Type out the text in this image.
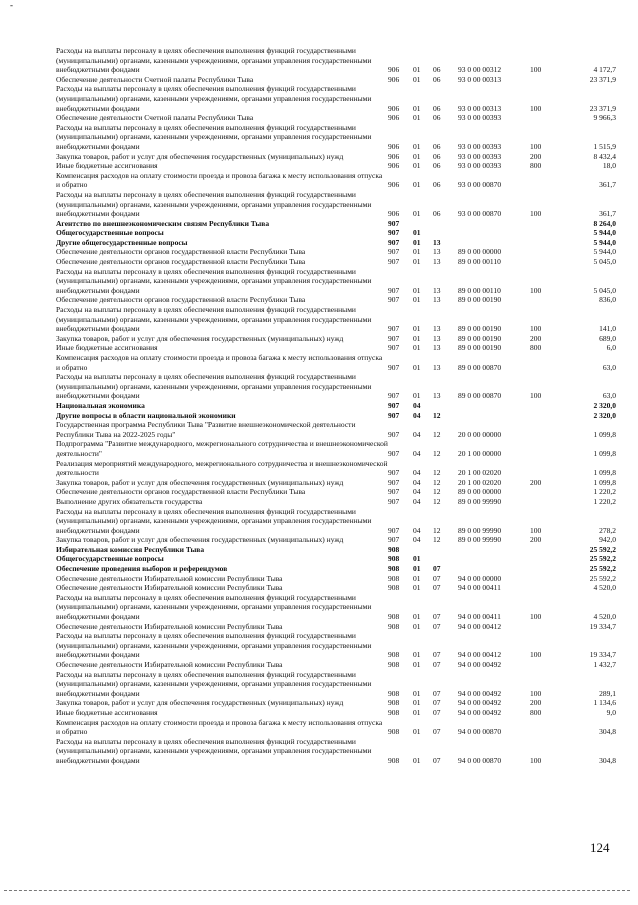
-
Расходы на выплаты персоналу в целях обеспечения выполнения функций государственными (муниципальными) органами, казенными учреждениями, органами управления государственными внебюджетными фондами	906	01	06	93 0 00 00312	100	4 172,7
Обеспечение деятельности Счетной палаты Республики Тыва	906	01	06	93 0 00 00313		23 371,9
Расходы на выплаты персоналу в целях обеспечения выполнения функций государственными (муниципальными) органами, казенными учреждениями, органами управления государственными внебюджетными фондами	906	01	06	93 0 00 00313	100	23 371,9
Обеспечение деятельности Счетной палаты Республики Тыва	906	01	06	93 0 00 00393		9 966,3
Расходы на выплаты персоналу в целях обеспечения выполнения функций государственными (муниципальными) органами, казенными учреждениями, органами управления государственными внебюджетными фондами	906	01	06	93 0 00 00393	100	1 515,9
Закупка товаров, работ и услуг для обеспечения государственных (муниципальных) нужд	906	01	06	93 0 00 00393	200	8 432,4
Иные бюджетные ассигнования	906	01	06	93 0 00 00393	800	18,0
Компенсация расходов на оплату стоимости проезда и провоза багажа к месту использования отпуска и обратно	906	01	06	93 0 00 00870		361,7
Расходы на выплаты персоналу в целях обеспечения выполнения функций государственными (муниципальными) органами, казенными учреждениями, органами управления государственными внебюджетными фондами	906	01	06	93 0 00 00870	100	361,7
Агентство по внешнеэкономическим связям Республики Тыва	907					8 264,0
Общегосударственные вопросы	907	01				5 944,0
Другие общегосударственные вопросы	907	01	13			5 944,0
Обеспечение деятельности органов государственной власти Республики Тыва	907	01	13	89 0 00 00000		5 944,0
Обеспечение деятельности органов государственной власти Республики Тыва	907	01	13	89 0 00 00110		5 045,0
Расходы на выплаты персоналу в целях обеспечения выполнения функций государственными (муниципальными) органами, казенными учреждениями, органами управления государственными внебюджетными фондами	907	01	13	89 0 00 00110	100	5 045,0
Обеспечение деятельности органов государственной власти Республики Тыва	907	01	13	89 0 00 00190		836,0
Расходы на выплаты персоналу в целях обеспечения выполнения функций государственными (муниципальными) органами, казенными учреждениями, органами управления государственными внебюджетными фондами	907	01	13	89 0 00 00190	100	141,0
Закупка товаров, работ и услуг для обеспечения государственных (муниципальных) нужд	907	01	13	89 0 00 00190	200	689,0
Иные бюджетные ассигнования	907	01	13	89 0 00 00190	800	6,0
Компенсация расходов на оплату стоимости проезда и провоза багажа к месту использования отпуска и обратно	907	01	13	89 0 00 00870		63,0
Расходы на выплаты персоналу в целях обеспечения выполнения функций государственными (муниципальными) органами, казенными учреждениями, органами управления государственными внебюджетными фондами	907	01	13	89 0 00 00870	100	63,0
Национальная экономика	907	04				2 320,0
Другие вопросы в области национальной экономики	907	04	12			2 320,0
Государственная программа Республики Тыва "Развитие внешнеэкономической деятельности Республики Тыва на 2022-2025 годы"	907	04	12	20 0 00 00000		1 099,8
Подпрограмма "Развитие международного, межрегионального сотрудничества и внешнеэкономической деятельности"	907	04	12	20 1 00 00000		1 099,8
Реализация мероприятий международного, межрегионального сотрудничества и внешнеэкономической деятельности	907	04	12	20 1 00 02020		1 099,8
Закупка товаров, работ и услуг для обеспечения государственных (муниципальных) нужд	907	04	12	20 1 00 02020	200	1 099,8
Обеспечение деятельности органов государственной власти Республики Тыва	907	04	12	89 0 00 00000		1 220,2
Выполнение других обязательств государства	907	04	12	89 0 00 99990		1 220,2
Расходы на выплаты персоналу в целях обеспечения выполнения функций государственными (муниципальными) органами, казенными учреждениями, органами управления государственными внебюджетными фондами	907	04	12	89 0 00 99990	100	278,2
Закупка товаров, работ и услуг для обеспечения государственных (муниципальных) нужд	907	04	12	89 0 00 99990	200	942,0
Избирательная комиссия Республики Тыва	908					25 592,2
Общегосударственные вопросы	908	01				25 592,2
Обеспечение проведения выборов и референдумов	908	01	07			25 592,2
Обеспечение деятельности Избирательной комиссии Республики Тыва	908	01	07	94 0 00 00000		25 592,2
Обеспечение деятельности Избирательной комиссии Республики Тыва	908	01	07	94 0 00 00411		4 520,0
Расходы на выплаты персоналу в целях обеспечения выполнения функций государственными (муниципальными) органами, казенными учреждениями, органами управления государственными внебюджетными фондами	908	01	07	94 0 00 00411	100	4 520,0
Обеспечение деятельности Избирательной комиссии Республики Тыва	908	01	07	94 0 00 00412		19 334,7
Расходы на выплаты персоналу в целях обеспечения выполнения функций государственными (муниципальными) органами, казенными учреждениями, органами управления государственными внебюджетными фондами	908	01	07	94 0 00 00412	100	19 334,7
Обеспечение деятельности Избирательной комиссии Республики Тыва	908	01	07	94 0 00 00492		1 432,7
Расходы на выплаты персоналу в целях обеспечения выполнения функций государственными (муниципальными) органами, казенными учреждениями, органами управления государственными внебюджетными фондами	908	01	07	94 0 00 00492	100	289,1
Закупка товаров, работ и услуг для обеспечения государственных (муниципальных) нужд	908	01	07	94 0 00 00492	200	1 134,6
Иные бюджетные ассигнования	908	01	07	94 0 00 00492	800	9,0
Компенсация расходов на оплату стоимости проезда и провоза багажа к месту использования отпуска и обратно	908	01	07	94 0 00 00870		304,8
Расходы на выплаты персоналу в целях обеспечения выполнения функций государственными (муниципальными) органами, казенными учреждениями, органами управления государственными внебюджетными фондами	908	01	07	94 0 00 00870	100	304,8
124
